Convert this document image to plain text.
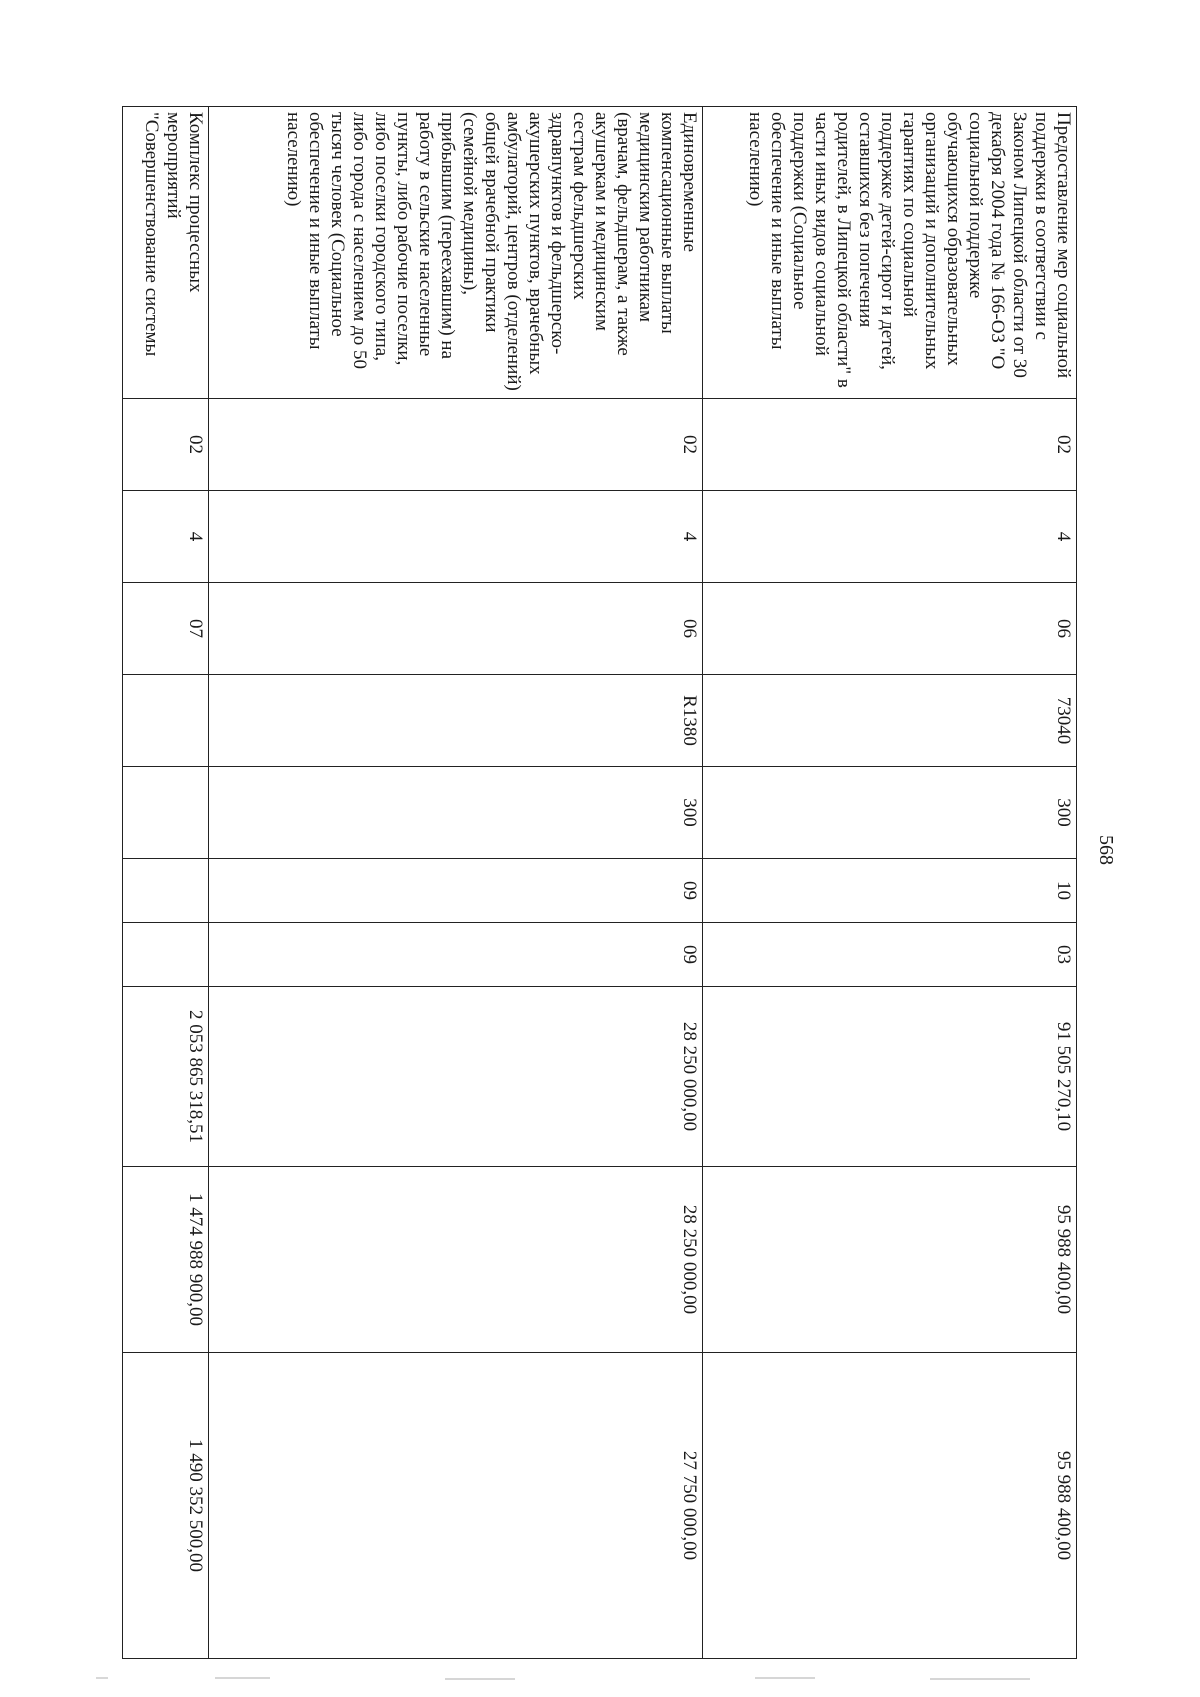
568
Предоставление мер социальной поддержки в соответствии с Законом Липецкой области от 30 декабря 2004 года № 166-ОЗ "О социальной поддержке обучающихся образовательных организаций и дополнительных гарантиях по социальной поддержке детей-сирот и детей, оставшихся без попечения родителей, в Липецкой области" в части иных видов социальной поддержки (Социальное обеспечение и иные выплаты населению)	02	4	06	73040	300	10	03	91 505 270,10	95 988 400,00	95 988 400,00
Единовременные компенсационные выплаты медицинским работникам (врачам, фельдшерам, а также акушеркам и медицинским сестрам фельдшерских здравпунктов и фельдшерско-акушерских пунктов, врачебных амбулаторий, центров (отделений) общей врачебной практики (семейной медицины), прибывшим (переехавшим) на работу в сельские населенные пункты, либо рабочие поселки, либо поселки городского типа, либо города с населением до 50 тысяч человек (Социальное обеспечение и иные выплаты населению)	02	4	06	R1380	300	09	09	28 250 000,00	28 250 000,00	27 750 000,00
Комплекс процессных мероприятий "Совершенствование системы	02	4	07					2 053 865 318,51	1 474 988 900,00	1 490 352 500,00
